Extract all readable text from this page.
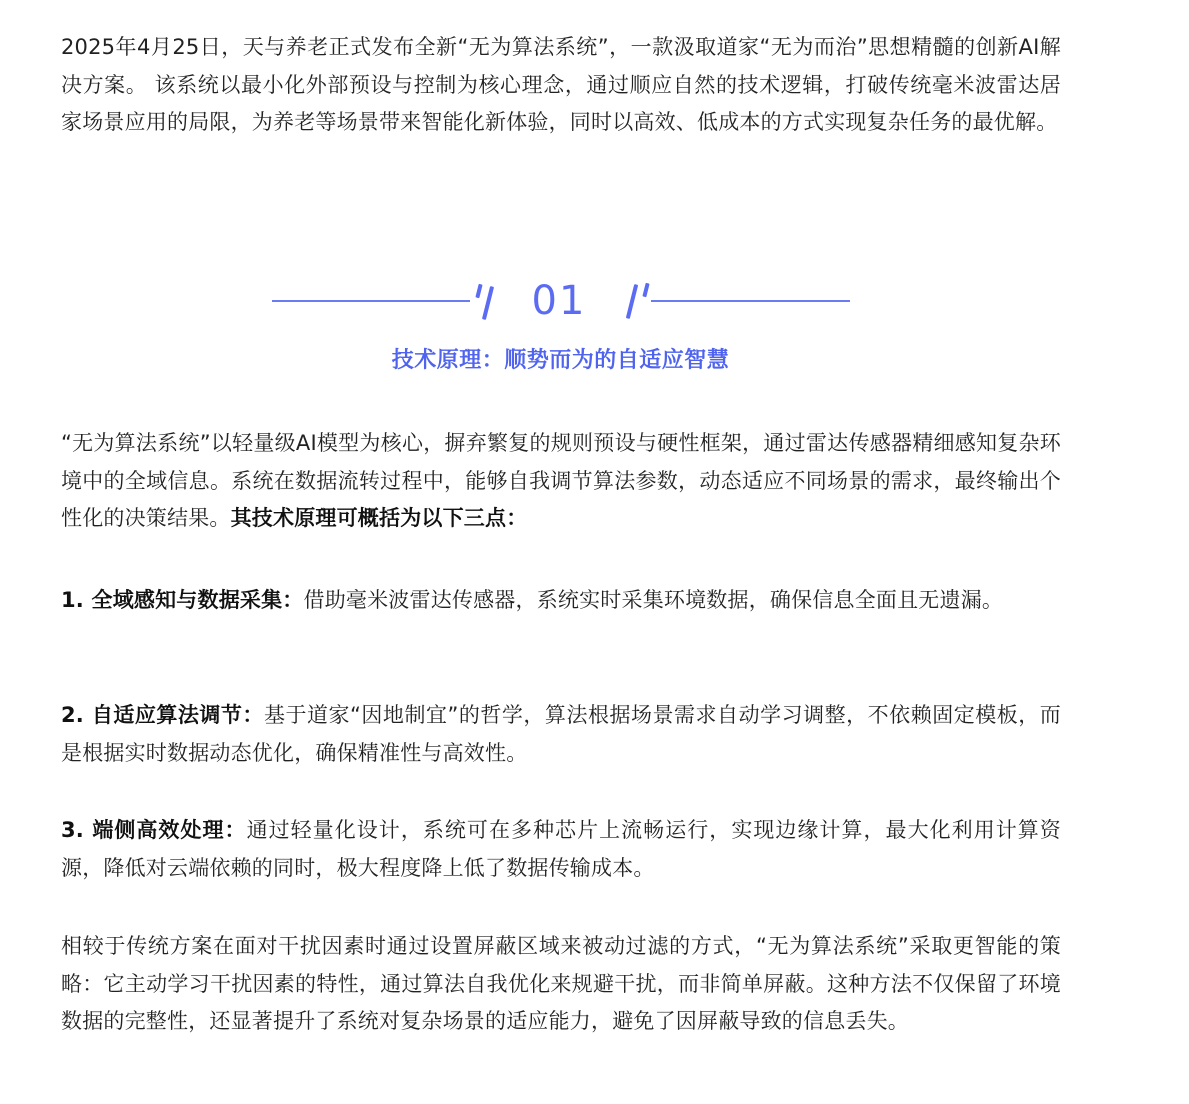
2025年4月25日，天与养老正式发布全新“无为算法系统”，一款汲取道家“无为而治”思想精髓的创新AI解决方案。 该系统以最小化外部预设与控制为核心理念，通过顺应自然的技术逻辑，打破传统毫米波雷达居家场景应用的局限，为养老等场景带来智能化新体验，同时以高效、低成本的方式实现复杂任务的最优解。

“无为算法系统”以轻量级AI模型为核心，摒弃繁复的规则预设与硬性框架，通过雷达传感器精细感知复杂环境中的全域信息。系统在数据流转过程中，能够自我调节算法参数，动态适应不同场景的需求，最终输出个性化的决策结果。其技术原理可概括为以下三点：

1. 全域感知与数据采集：借助毫米波雷达传感器，系统实时采集环境数据，确保信息全面且无遗漏。

2. 自适应算法调节：基于道家“因地制宜”的哲学，算法根据场景需求自动学习调整，不依赖固定模板，而是根据实时数据动态优化，确保精准性与高效性。

3. 端侧高效处理：通过轻量化设计，系统可在多种芯片上流畅运行，实现边缘计算，最大化利用计算资源，降低对云端依赖的同时，极大程度降上低了数据传输成本。

相较于传统方案在面对干扰因素时通过设置屏蔽区域来被动过滤的方式，“无为算法系统”采取更智能的策略：它主动学习干扰因素的特性，通过算法自我优化来规避干扰，而非简单屏蔽。这种方法不仅保留了环境数据的完整性，还显著提升了系统对复杂场景的适应能力，避免了因屏蔽导致的信息丢失。

01
技术原理：顺势而为的自适应智慧
